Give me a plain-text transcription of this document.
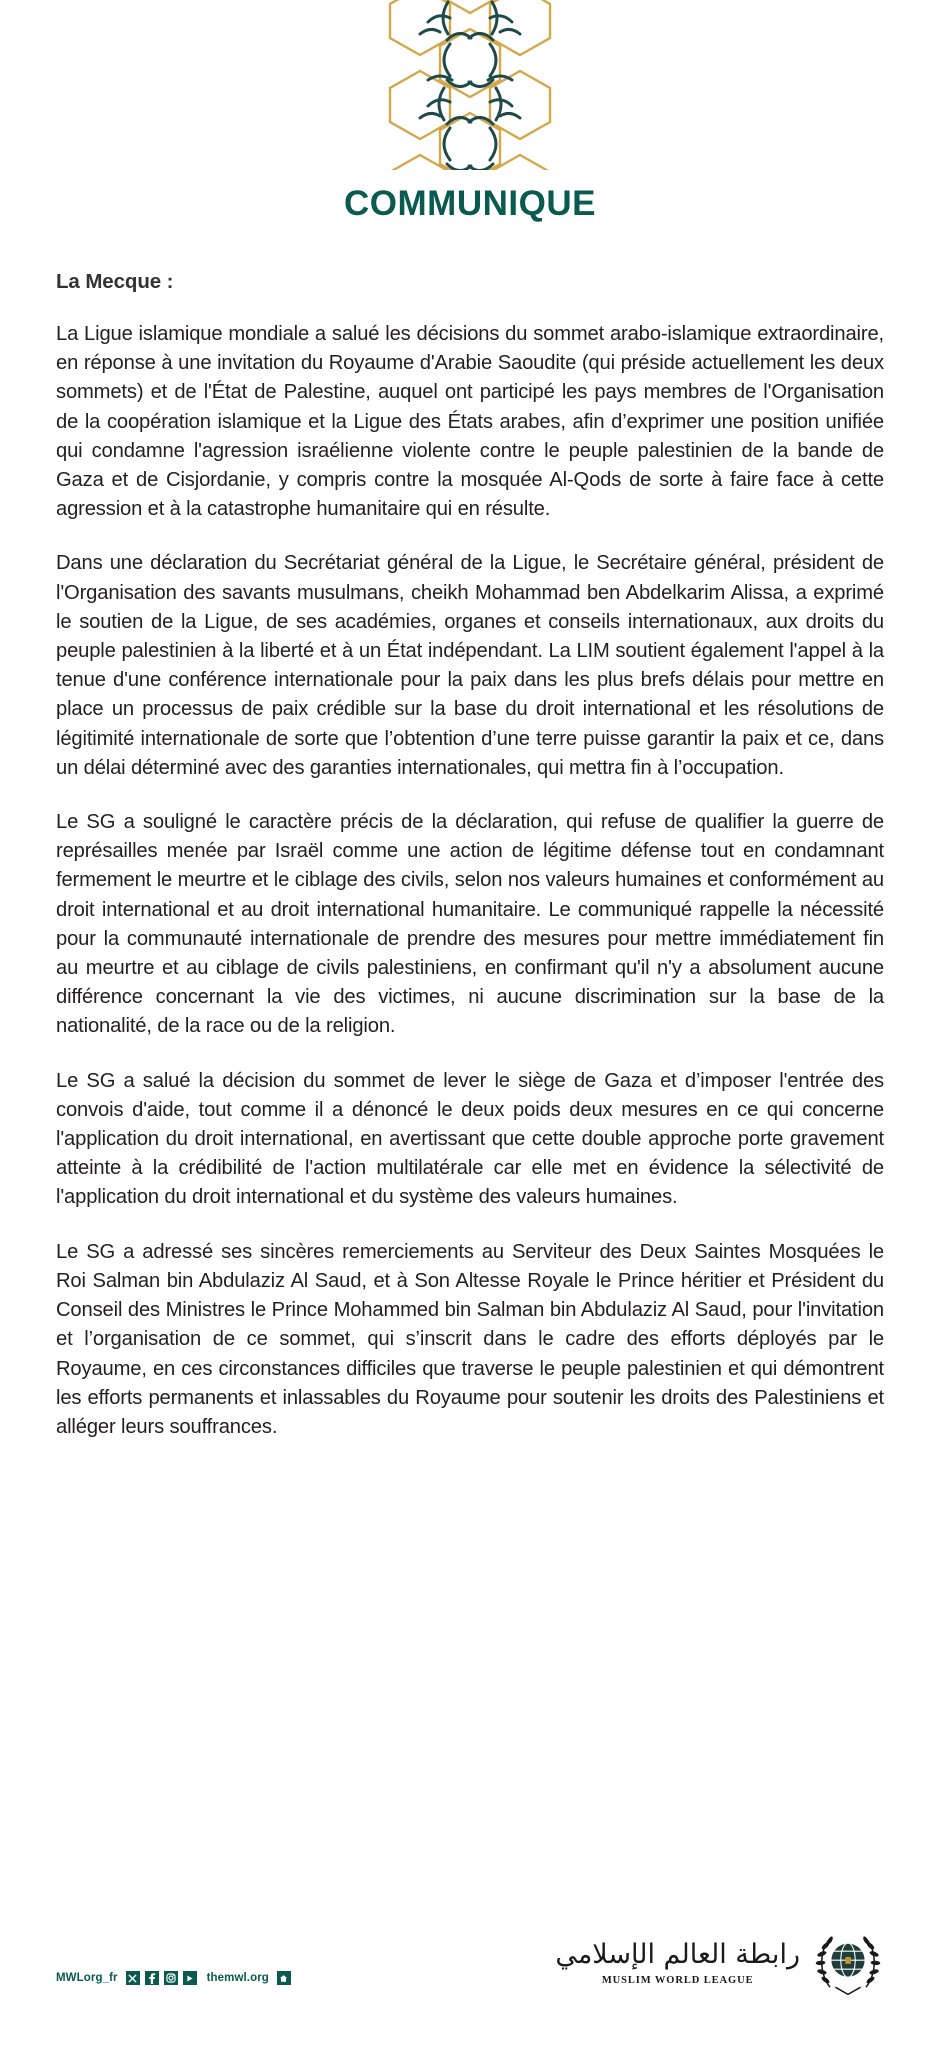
COMMUNIQUE
La Mecque :

La Ligue islamique mondiale a salué les décisions du sommet arabo-islamique extraordinaire, en réponse à une invitation du Royaume d'Arabie Saoudite (qui préside actuellement les deux sommets) et de l'État de Palestine, auquel ont participé les pays membres de l'Organisation de la coopération islamique et la Ligue des États arabes, afin d’exprimer une position unifiée qui condamne l'agression israélienne violente contre le peuple palestinien de la bande de Gaza et de Cisjordanie, y compris contre la mosquée Al-Qods de sorte à faire face à cette agression et à la catastrophe humanitaire qui en résulte.

Dans une déclaration du Secrétariat général de la Ligue, le Secrétaire général, président de l'Organisation des savants musulmans, cheikh Mohammad ben Abdelkarim Alissa, a exprimé le soutien de la Ligue, de ses académies, organes et conseils internationaux, aux droits du peuple palestinien à la liberté et à un État indépendant. La LIM soutient également l'appel à la tenue d'une conférence internationale pour la paix dans les plus brefs délais pour mettre en place un processus de paix crédible sur la base du droit international et les résolutions de légitimité internationale de sorte que l’obtention d’une terre puisse garantir la paix et ce, dans un délai déterminé avec des garanties internationales, qui mettra fin à l’occupation.

Le SG a souligné le caractère précis de la déclaration, qui refuse de qualifier la guerre de représailles menée par Israël comme une action de légitime défense tout en condamnant fermement le meurtre et le ciblage des civils, selon nos valeurs humaines et conformément au droit international et au droit international humanitaire. Le communiqué rappelle la nécessité pour la communauté internationale de prendre des mesures pour mettre immédiatement fin au meurtre et au ciblage de civils palestiniens, en confirmant qu'il n'y a absolument aucune différence concernant la vie des victimes, ni aucune discrimination sur la base de la nationalité, de la race ou de la religion.

Le SG a salué la décision du sommet de lever le siège de Gaza et d’imposer l'entrée des convois d'aide, tout comme il a dénoncé le deux poids deux mesures en ce qui concerne l'application du droit international, en avertissant que cette double approche porte gravement atteinte à la crédibilité de l'action multilatérale car elle met en évidence la sélectivité de l'application du droit international et du système des valeurs humaines.

Le SG a adressé ses sincères remerciements au Serviteur des Deux Saintes Mosquées le Roi Salman bin Abdulaziz Al Saud, et à Son Altesse Royale le Prince héritier et Président du Conseil des Ministres le Prince Mohammed bin Salman bin Abdulaziz Al Saud, pour l'invitation et l’organisation de ce sommet, qui s’inscrit dans le cadre des efforts déployés par le Royaume, en ces circonstances difficiles que traverse le peuple palestinien et qui démontrent les efforts permanents et inlassables du Royaume pour soutenir les droits des Palestiniens et alléger leurs souffrances.

MWLorg_fr	themwl.org
رابطة العالم الإسلامي
MUSLIM WORLD LEAGUE
